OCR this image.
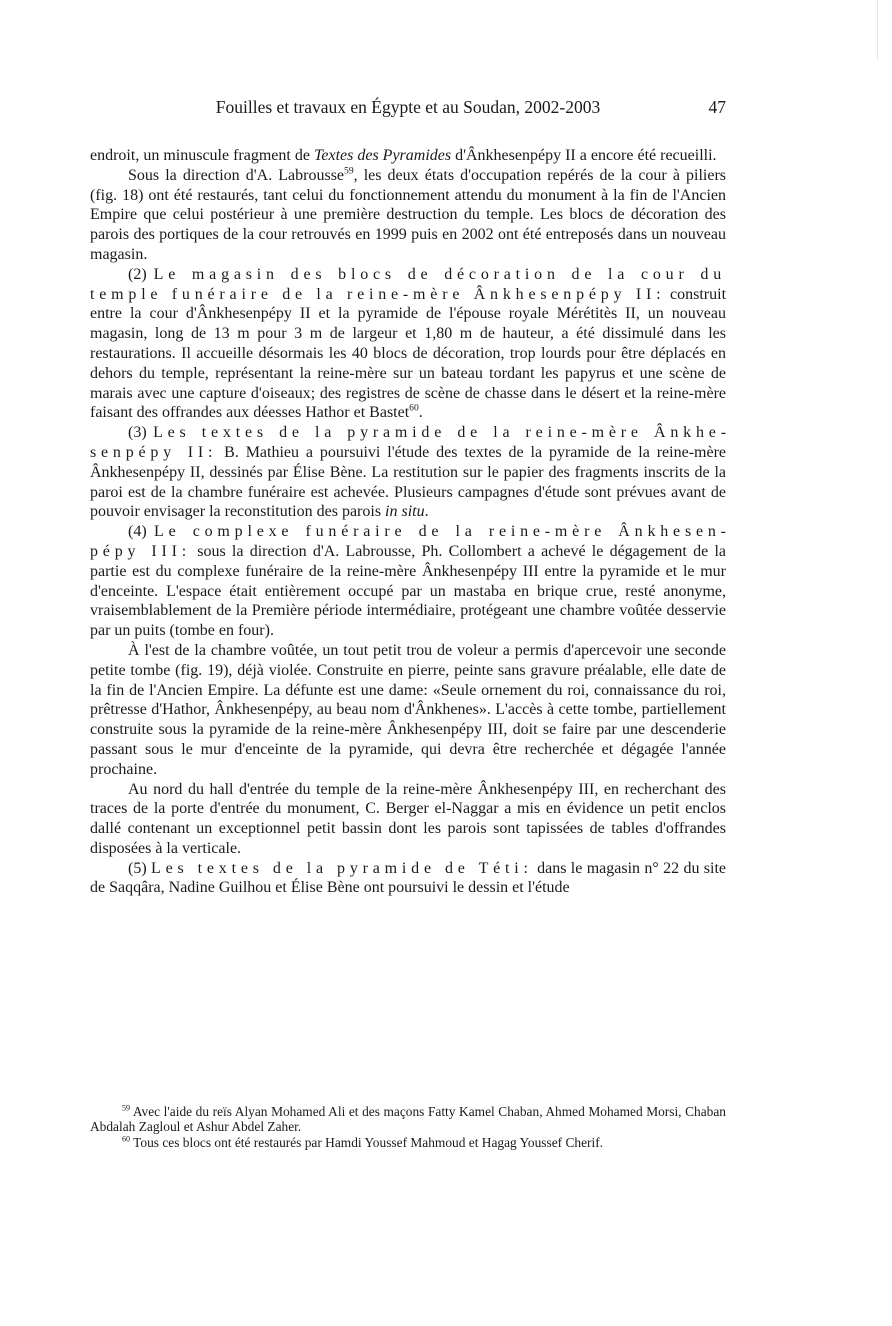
Fouilles et travaux en Égypte et au Soudan, 2002-2003	47

endroit, un minuscule fragment de Textes des Pyramides d'Ânkhesenpépy II a encore été recueilli.

Sous la direction d'A. Labrousse$^{59}$, les deux états d'occupation repérés de la cour à piliers (fig. 18) ont été restaurés, tant celui du fonctionnement attendu du monument à la fin de l'Ancien Empire que celui postérieur à une première destruction du temple. Les blocs de décoration des parois des portiques de la cour retrouvés en 1999 puis en 2002 ont été entreposés dans un nouveau magasin.

(2) Le magasin des blocs de décoration de la cour du temple funéraire de la reine-mère Ânkhesenpépy II: construit entre la cour d'Ânkhesenpépy II et la pyramide de l'épouse royale Mérétitès II, un nouveau magasin, long de 13 m pour 3 m de largeur et 1,80 m de hauteur, a été dissimulé dans les restaurations. Il accueille désormais les 40 blocs de décoration, trop lourds pour être déplacés en dehors du temple, représentant la reine-mère sur un bateau tordant les papyrus et une scène de marais avec une capture d'oiseaux; des registres de scène de chasse dans le désert et la reine-mère faisant des offrandes aux déesses Hathor et Bastet$^{60}$.

(3) Les textes de la pyramide de la reine-mère Ânkhesenpépy II: B. Mathieu a poursuivi l'étude des textes de la pyramide de la reine-mère Ânkhesenpépy II, dessinés par Élise Bène. La restitution sur le papier des fragments inscrits de la paroi est de la chambre funéraire est achevée. Plusieurs campagnes d'étude sont prévues avant de pouvoir envisager la reconstitution des parois in situ.

(4) Le complexe funéraire de la reine-mère Ânkhesenpépy III: sous la direction d'A. Labrousse, Ph. Collombert a achevé le dégagement de la partie est du complexe funéraire de la reine-mère Ânkhesenpépy III entre la pyramide et le mur d'enceinte. L'espace était entièrement occupé par un mastaba en brique crue, resté anonyme, vraisemblablement de la Première période intermédiaire, protégeant une chambre voûtée desservie par un puits (tombe en four).

À l'est de la chambre voûtée, un tout petit trou de voleur a permis d'apercevoir une seconde petite tombe (fig. 19), déjà violée. Construite en pierre, peinte sans gravure préalable, elle date de la fin de l'Ancien Empire. La défunte est une dame: «Seule ornement du roi, connaissance du roi, prêtresse d'Hathor, Ânkhesenpépy, au beau nom d'Ânkhenes». L'accès à cette tombe, partiellement construite sous la pyramide de la reine-mère Ânkhesenpépy III, doit se faire par une descenderie passant sous le mur d'enceinte de la pyramide, qui devra être recherchée et dégagée l'année prochaine.

Au nord du hall d'entrée du temple de la reine-mère Ânkhesenpépy III, en recherchant des traces de la porte d'entrée du monument, C. Berger el-Naggar a mis en évidence un petit enclos dallé contenant un exceptionnel petit bassin dont les parois sont tapissées de tables d'offrandes disposées à la verticale.

(5) Les textes de la pyramide de Téti: dans le magasin n° 22 du site de Saqqâra, Nadine Guilhou et Élise Bène ont poursuivi le dessin et l'étude

$^{59}$ Avec l'aide du reïs Alyan Mohamed Ali et des maçons Fatty Kamel Chaban, Ahmed Mohamed Morsi, Chaban Abdalah Zagloul et Ashur Abdel Zaher.

$^{60}$ Tous ces blocs ont été restaurés par Hamdi Youssef Mahmoud et Hagag Youssef Cherif.
